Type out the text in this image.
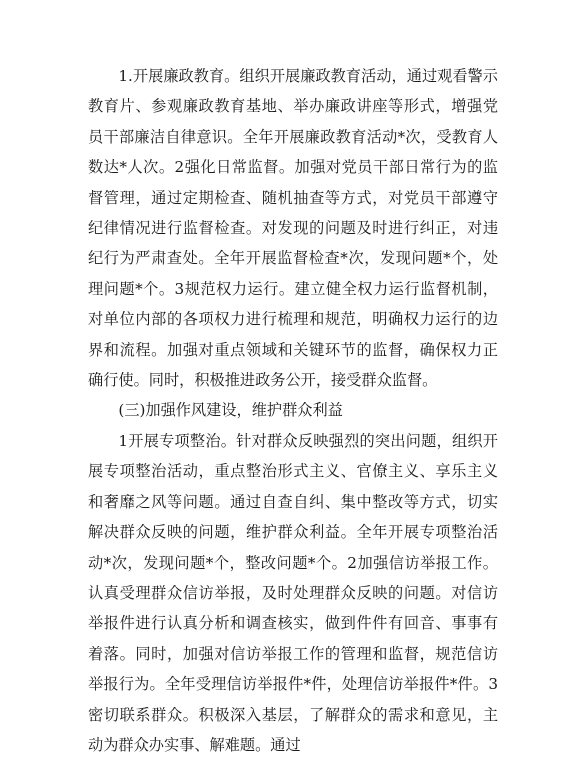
1.开展廉政教育。组织开展廉政教育活动，通过观看警示教育片、参观廉政教育基地、举办廉政讲座等形式，增强党员干部廉洁自律意识。全年开展廉政教育活动*次，受教育人数达*人次。2强化日常监督。加强对党员干部日常行为的监督管理，通过定期检查、随机抽查等方式，对党员干部遵守纪律情况进行监督检查。对发现的问题及时进行纠正，对违纪行为严肃查处。全年开展监督检查*次，发现问题*个，处理问题*个。3规范权力运行。建立健全权力运行监督机制，对单位内部的各项权力进行梳理和规范，明确权力运行的边界和流程。加强对重点领域和关键环节的监督，确保权力正确行使。同时，积极推进政务公开，接受群众监督。

(三)加强作风建设，维护群众利益

1开展专项整治。针对群众反映强烈的突出问题，组织开展专项整治活动，重点整治形式主义、官僚主义、享乐主义和奢靡之风等问题。通过自查自纠、集中整改等方式，切实解决群众反映的问题，维护群众利益。全年开展专项整治活动*次，发现问题*个，整改问题*个。2加强信访举报工作。认真受理群众信访举报，及时处理群众反映的问题。对信访举报件进行认真分析和调查核实，做到件件有回音、事事有着落。同时，加强对信访举报工作的管理和监督，规范信访举报行为。全年受理信访举报件*件，处理信访举报件*件。3密切联系群众。积极深入基层，了解群众的需求和意见，主动为群众办实事、解难题。通过
